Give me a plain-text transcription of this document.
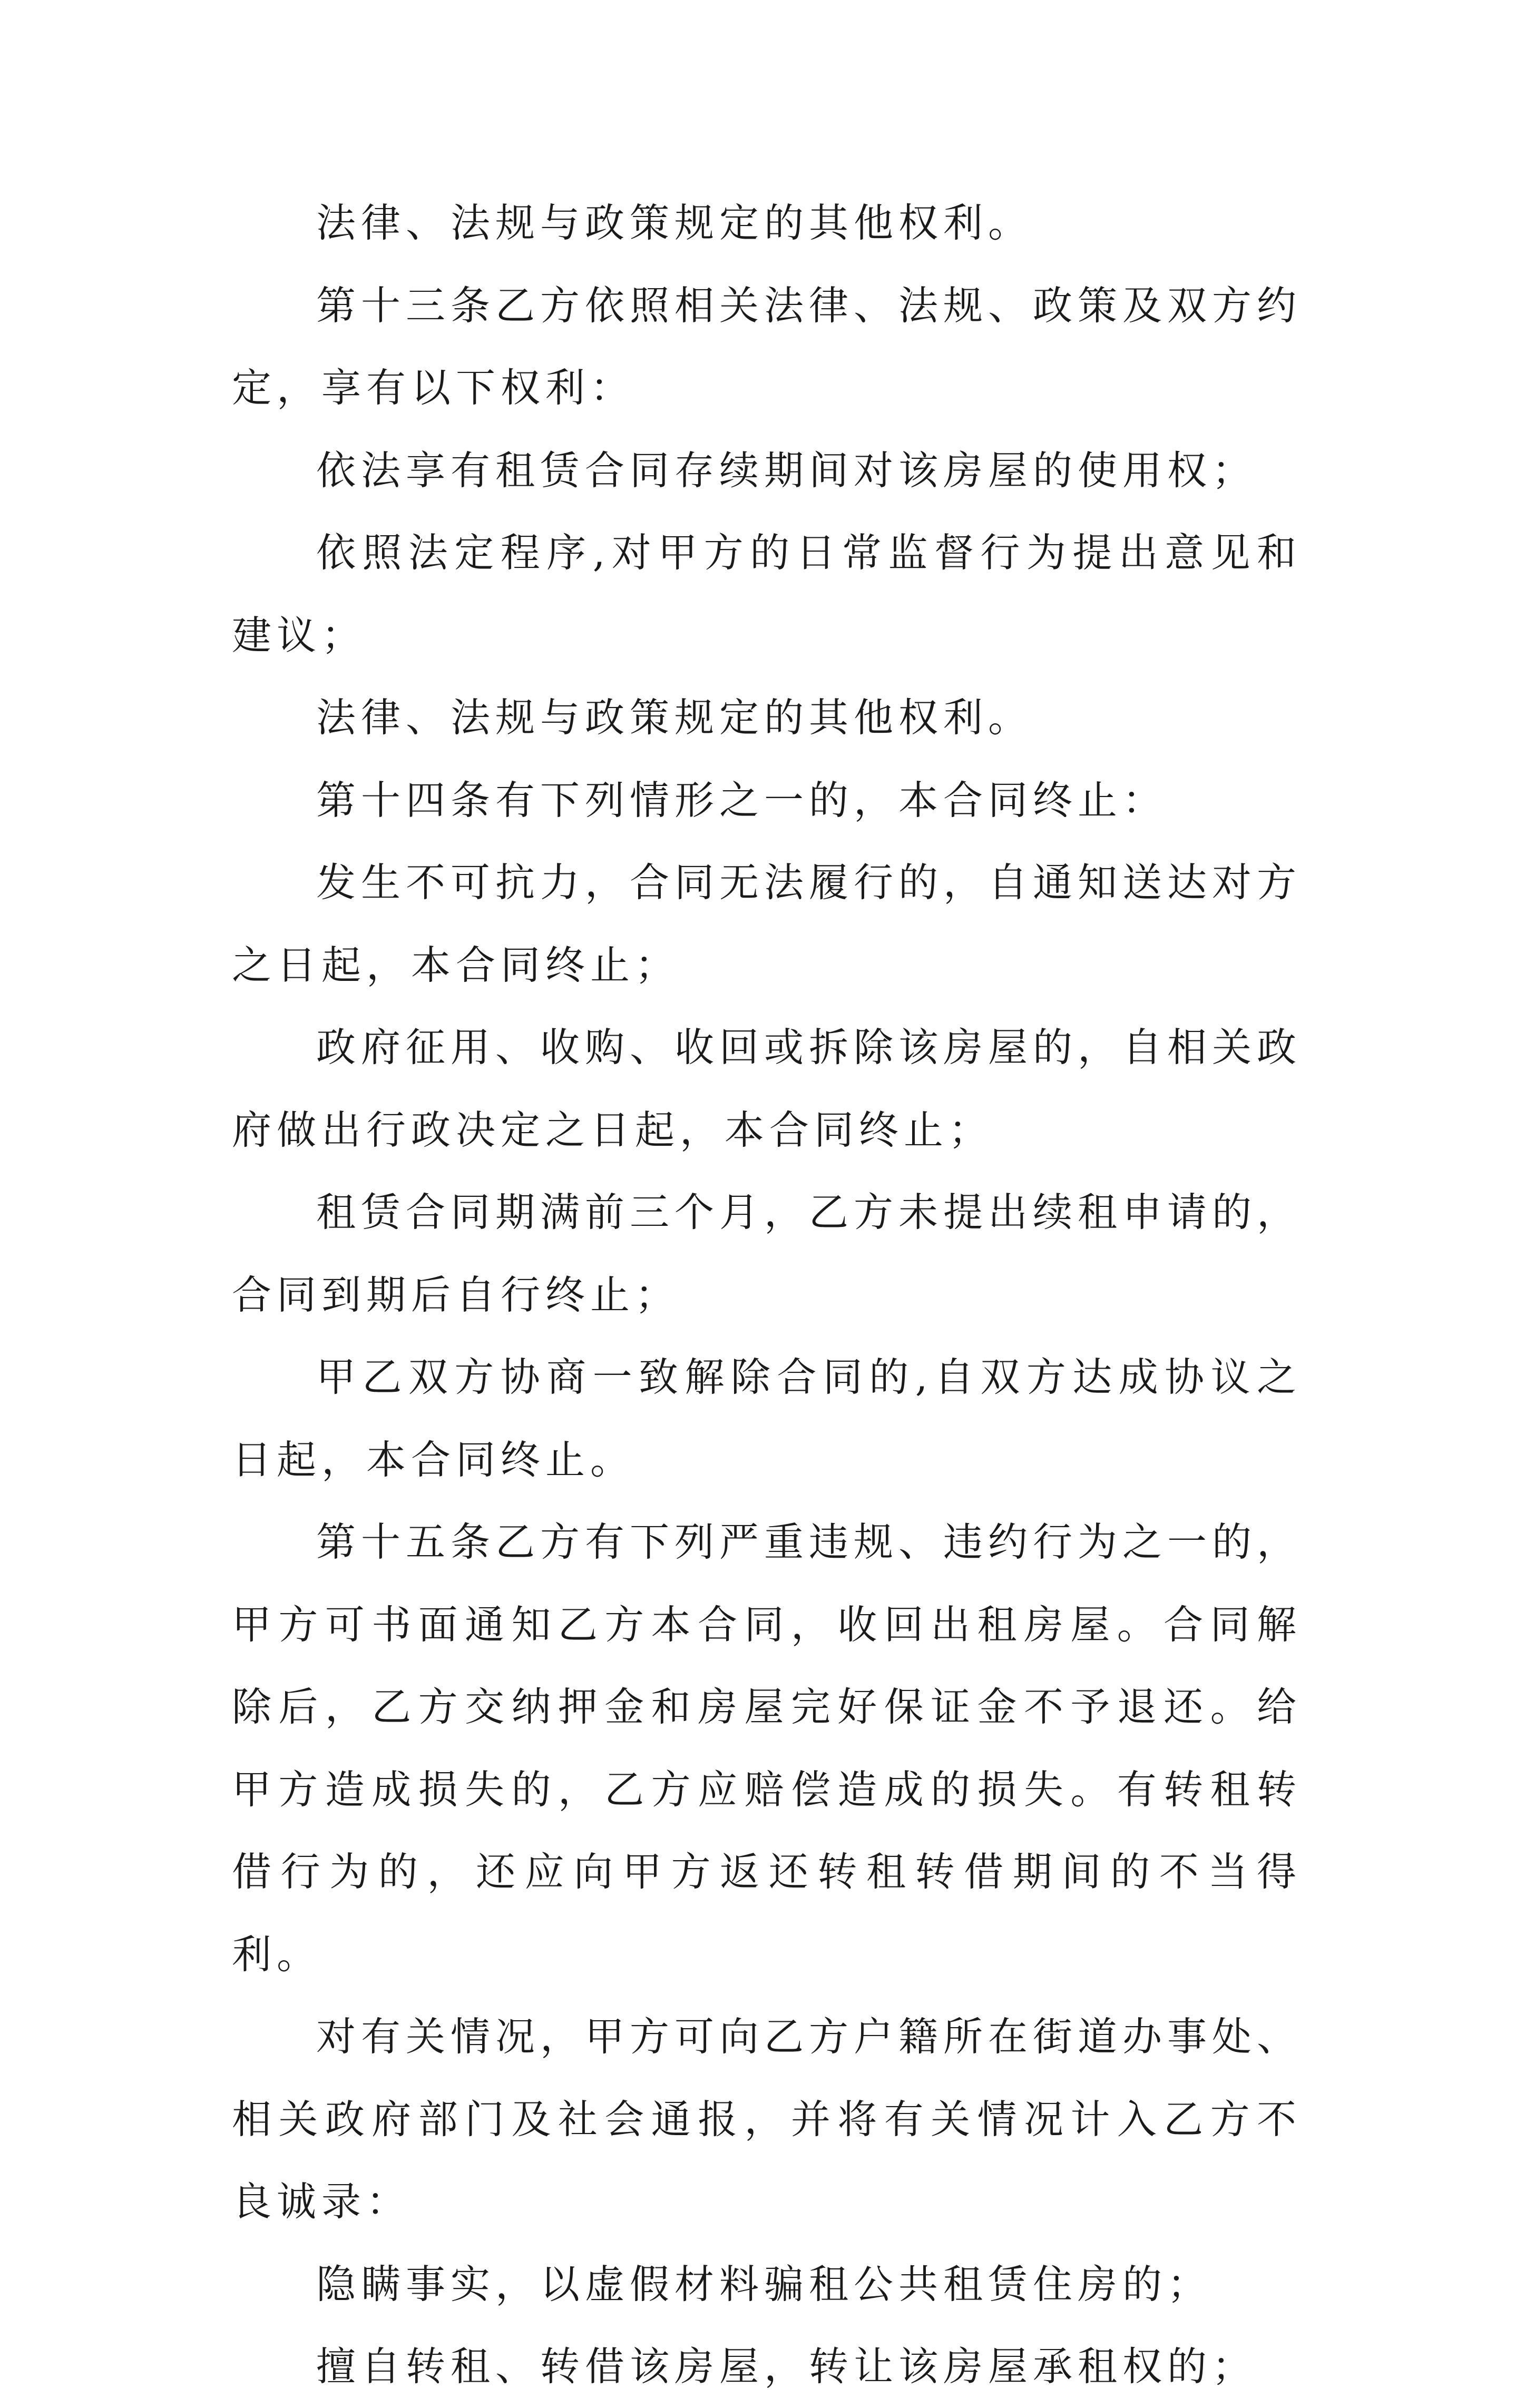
法律、法规与政策规定的其他权利。

第十三条乙方依照相关法律、法规、政策及双方约定，享有以下权利：

依法享有租赁合同存续期间对该房屋的使用权；

依照法定程序,对甲方的日常监督行为提出意见和建议；

法律、法规与政策规定的其他权利。

第十四条有下列情形之一的，本合同终止：

发生不可抗力，合同无法履行的，自通知送达对方之日起，本合同终止；

政府征用、收购、收回或拆除该房屋的，自相关政府做出行政决定之日起，本合同终止；

租赁合同期满前三个月，乙方未提出续租申请的，合同到期后自行终止；

甲乙双方协商一致解除合同的,自双方达成协议之日起，本合同终止。

第十五条乙方有下列严重违规、违约行为之一的，甲方可书面通知乙方本合同，收回出租房屋。合同解除后，乙方交纳押金和房屋完好保证金不予退还。给甲方造成损失的，乙方应赔偿造成的损失。有转租转借行为的，还应向甲方返还转租转借期间的不当得利。

对有关情况，甲方可向乙方户籍所在街道办事处、相关政府部门及社会通报，并将有关情况计入乙方不良诚录：

隐瞒事实，以虚假材料骗租公共租赁住房的；

擅自转租、转借该房屋，转让该房屋承租权的；
